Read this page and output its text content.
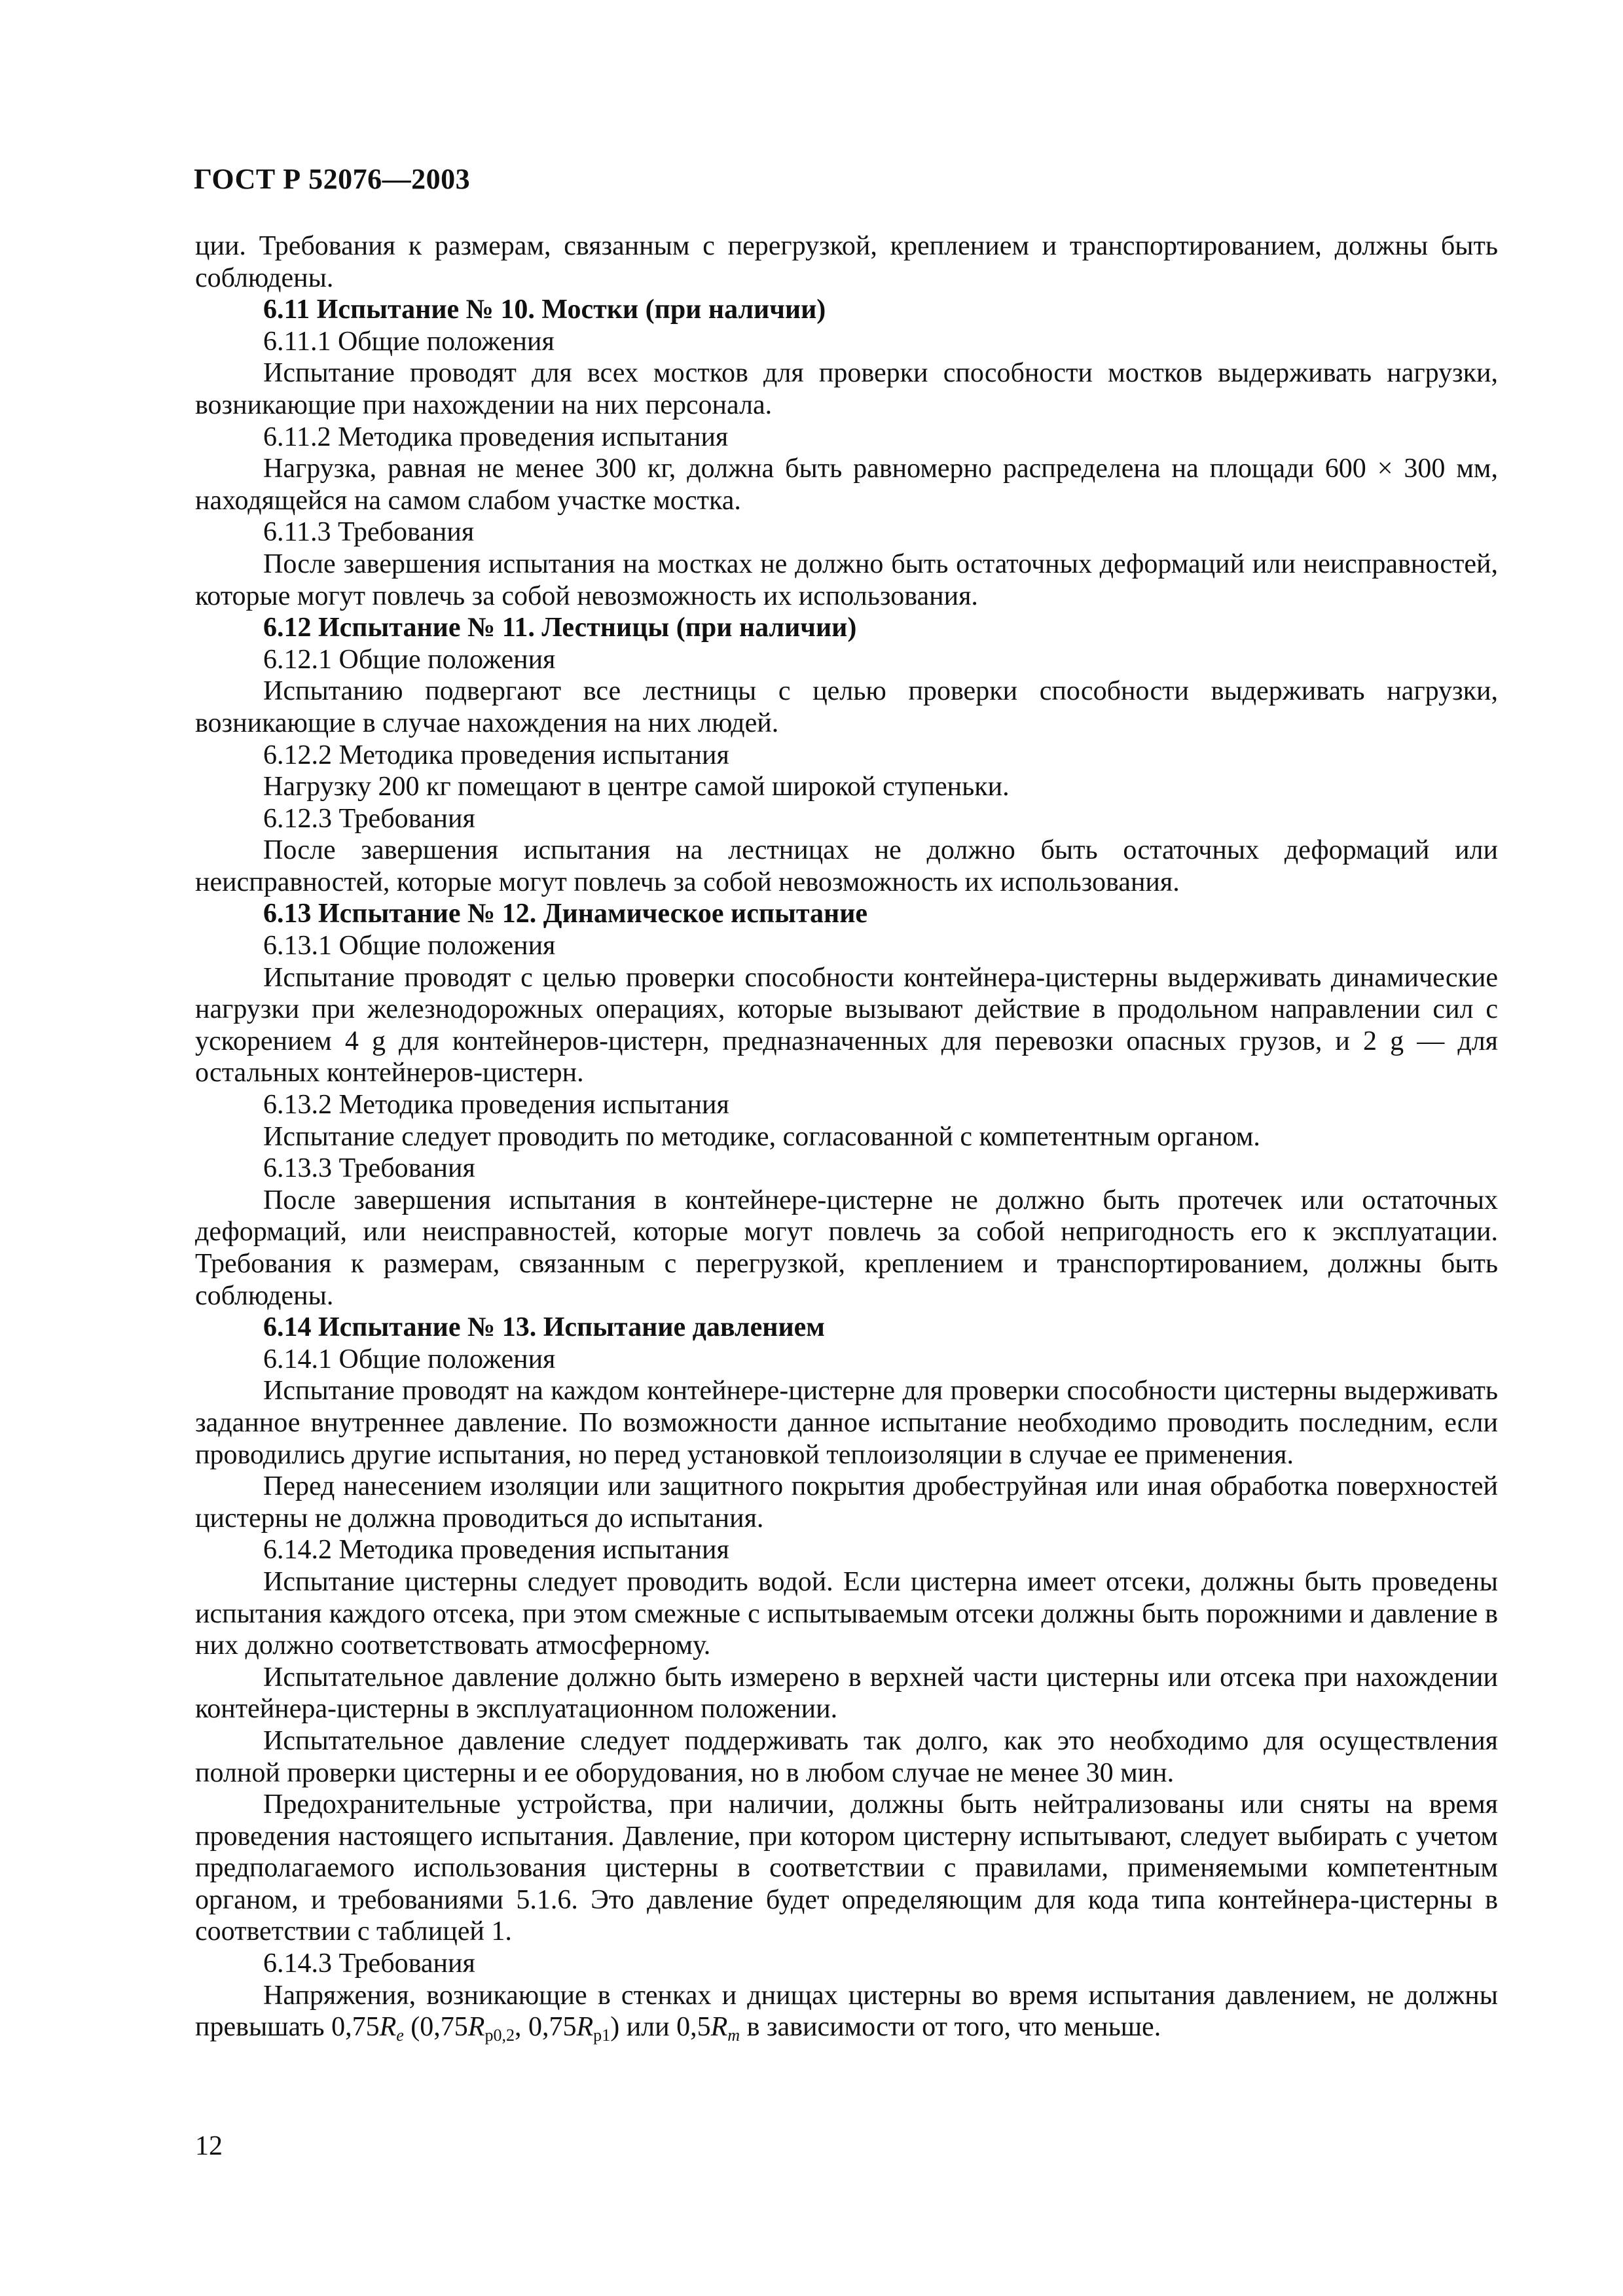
ГОСТ Р 52076—2003

ции. Требования к размерам, связанным с перегрузкой, креплением и транспортированием, должны быть соблюдены.

6.11 Испытание № 10. Мостки (при наличии)

6.11.1 Общие положения

Испытание проводят для всех мостков для проверки способности мостков выдерживать нагрузки, возникающие при нахождении на них персонала.

6.11.2 Методика проведения испытания

Нагрузка, равная не менее 300 кг, должна быть равномерно распределена на площади 600 × 300 мм, находящейся на самом слабом участке мостка.

6.11.3 Требования

После завершения испытания на мостках не должно быть остаточных деформаций или неисправностей, которые могут повлечь за собой невозможность их использования.

6.12 Испытание № 11. Лестницы (при наличии)

6.12.1 Общие положения

Испытанию подвергают все лестницы с целью проверки способности выдерживать нагрузки, возникающие в случае нахождения на них людей.

6.12.2 Методика проведения испытания

Нагрузку 200 кг помещают в центре самой широкой ступеньки.

6.12.3 Требования

После завершения испытания на лестницах не должно быть остаточных деформаций или неисправностей, которые могут повлечь за собой невозможность их использования.

6.13 Испытание № 12. Динамическое испытание

6.13.1 Общие положения

Испытание проводят с целью проверки способности контейнера-цистерны выдерживать динамические нагрузки при железнодорожных операциях, которые вызывают действие в продольном направлении сил с ускорением 4 g для контейнеров-цистерн, предназначенных для перевозки опасных грузов, и 2 g — для остальных контейнеров-цистерн.

6.13.2 Методика проведения испытания

Испытание следует проводить по методике, согласованной с компетентным органом.

6.13.3 Требования

После завершения испытания в контейнере-цистерне не должно быть протечек или остаточных деформаций, или неисправностей, которые могут повлечь за собой непригодность его к эксплуатации. Требования к размерам, связанным с перегрузкой, креплением и транспортированием, должны быть соблюдены.

6.14 Испытание № 13. Испытание давлением

6.14.1 Общие положения

Испытание проводят на каждом контейнере-цистерне для проверки способности цистерны выдерживать заданное внутреннее давление. По возможности данное испытание необходимо проводить последним, если проводились другие испытания, но перед установкой теплоизоляции в случае ее применения.

Перед нанесением изоляции или защитного покрытия дробеструйная или иная обработка поверхностей цистерны не должна проводиться до испытания.

6.14.2 Методика проведения испытания

Испытание цистерны следует проводить водой. Если цистерна имеет отсеки, должны быть проведены испытания каждого отсека, при этом смежные с испытываемым отсеки должны быть порожними и давление в них должно соответствовать атмосферному.

Испытательное давление должно быть измерено в верхней части цистерны или отсека при нахождении контейнера-цистерны в эксплуатационном положении.

Испытательное давление следует поддерживать так долго, как это необходимо для осуществления полной проверки цистерны и ее оборудования, но в любом случае не менее 30 мин.

Предохранительные устройства, при наличии, должны быть нейтрализованы или сняты на время проведения настоящего испытания. Давление, при котором цистерну испытывают, следует выбирать с учетом предполагаемого использования цистерны в соответствии с правилами, применяемыми компетентным органом, и требованиями 5.1.6. Это давление будет определяющим для кода типа контейнера-цистерны в соответствии с таблицей 1.

6.14.3 Требования

Напряжения, возникающие в стенках и днищах цистерны во время испытания давлением, не должны превышать $0,75R_e$ ($0,75R_{p0,2}$, $0,75R_{p1}$) или $0,5R_m$ в зависимости от того, что меньше.

12
